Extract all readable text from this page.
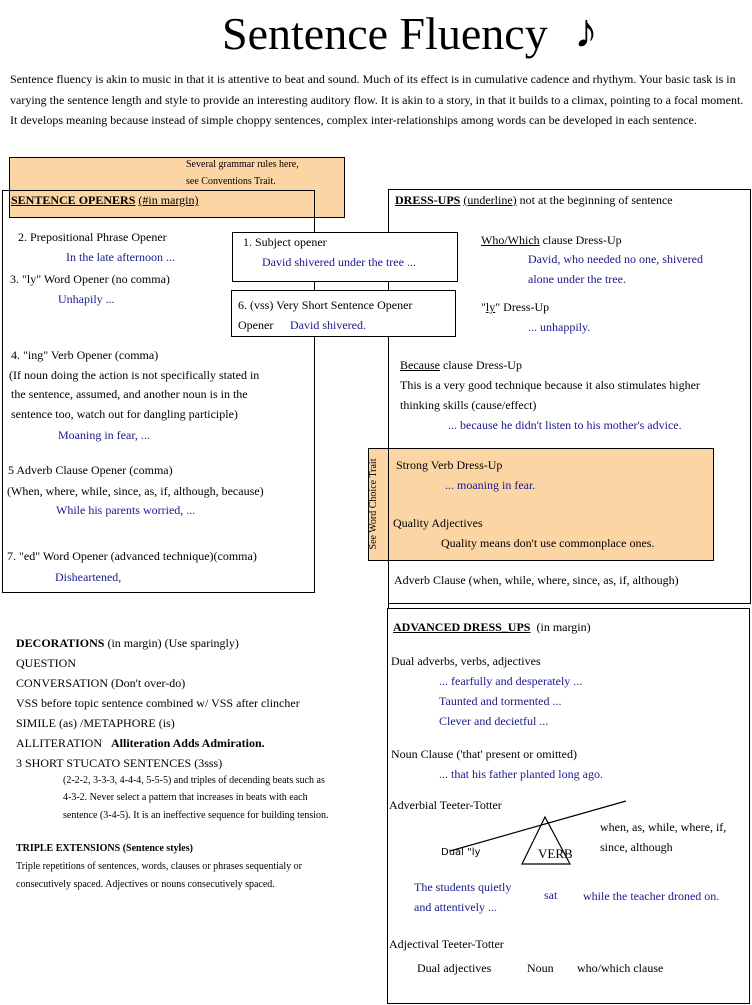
Sentence Fluency ♪
Sentence fluency is akin to music in that it is attentive to beat and sound. Much of its effect is in cumulative cadence and rhythym. Your basic task is in varying the sentence length and style to provide an interesting auditory flow. It is akin to a story, in that it builds to a climax, pointing to a focal moment. It develops meaning because instead of simple choppy sentences, complex inter-relationships among words can be developed in each sentence.
Several grammar rules here,
see Conventions Trait.
SENTENCE OPENERS (#in margin)
2. Prepositional Phrase Opener
In the late afternoon ...
3. "ly" Word Opener (no comma)
Unhapily ...
4. "ing" Verb Opener (comma)
(If noun doing the action is not specifically stated in
the sentence, assumed, and another noun is in the
sentence too, watch out for dangling participle)
Moaning in fear, ...
5 Adverb Clause Opener (comma)
(When, where, while, since, as, if, although, because)
While his parents worried, ...
7. "ed" Word Opener (advanced technique)(comma)
Disheartened,
1. Subject opener
David shivered under the tree ...
6. (vss) Very Short Sentence Opener
Opener David shivered.
DRESS-UPS (underline) not at the beginning of sentence
Who/Which clause Dress-Up
David, who needed no one, shivered
alone under the tree.
"ly" Dress-Up
... unhappily.
Because clause Dress-Up
This is a very good technique because it also stimulates higher
thinking skills (cause/effect)
... because he didn't listen to his mother's advice.
See Word Choice Trait Strong Verb Dress-Up
... moaning in fear.
Quality Adjectives
Quality means don't use commonplace ones.
Adverb Clause (when, while, where, since, as, if, although)
DECORATIONS (in margin) (Use sparingly)
QUESTION
CONVERSATION (Don't over-do)
VSS before topic sentence combined w/ VSS after clincher
SIMILE (as) /METAPHORE (is)
ALLITERATION Alliteration Adds Admiration.
3 SHORT STUCATO SENTENCES (3sss)
(2-2-2, 3-3-3, 4-4-4, 5-5-5) and triples of decending beats such as
4-3-2. Never select a pattern that increases in beats with each
sentence (3-4-5). It is an ineffective sequence for building tension.
TRIPLE EXTENSIONS (Sentence styles)
Triple repetitions of sentences, words, clauses or phrases sequentialy or
consecutively spaced. Adjectives or nouns consecutively spaced.
ADVANCED DRESS_UPS (in margin)
Dual adverbs, verbs, adjectives
... fearfully and desperately ...
Taunted and tormented ...
Clever and decietful ...
Noun Clause ('that' present or omitted)
... that his father planted long ago.
Adverbial Teeter-Totter
VERB
Dual "ly
when, as, while, where, if,
since, although
The students quietly
and attentively ...
sat while the teacher droned on.
Adjectival Teeter-Totter
Dual adjectives	Noun who/which clause
